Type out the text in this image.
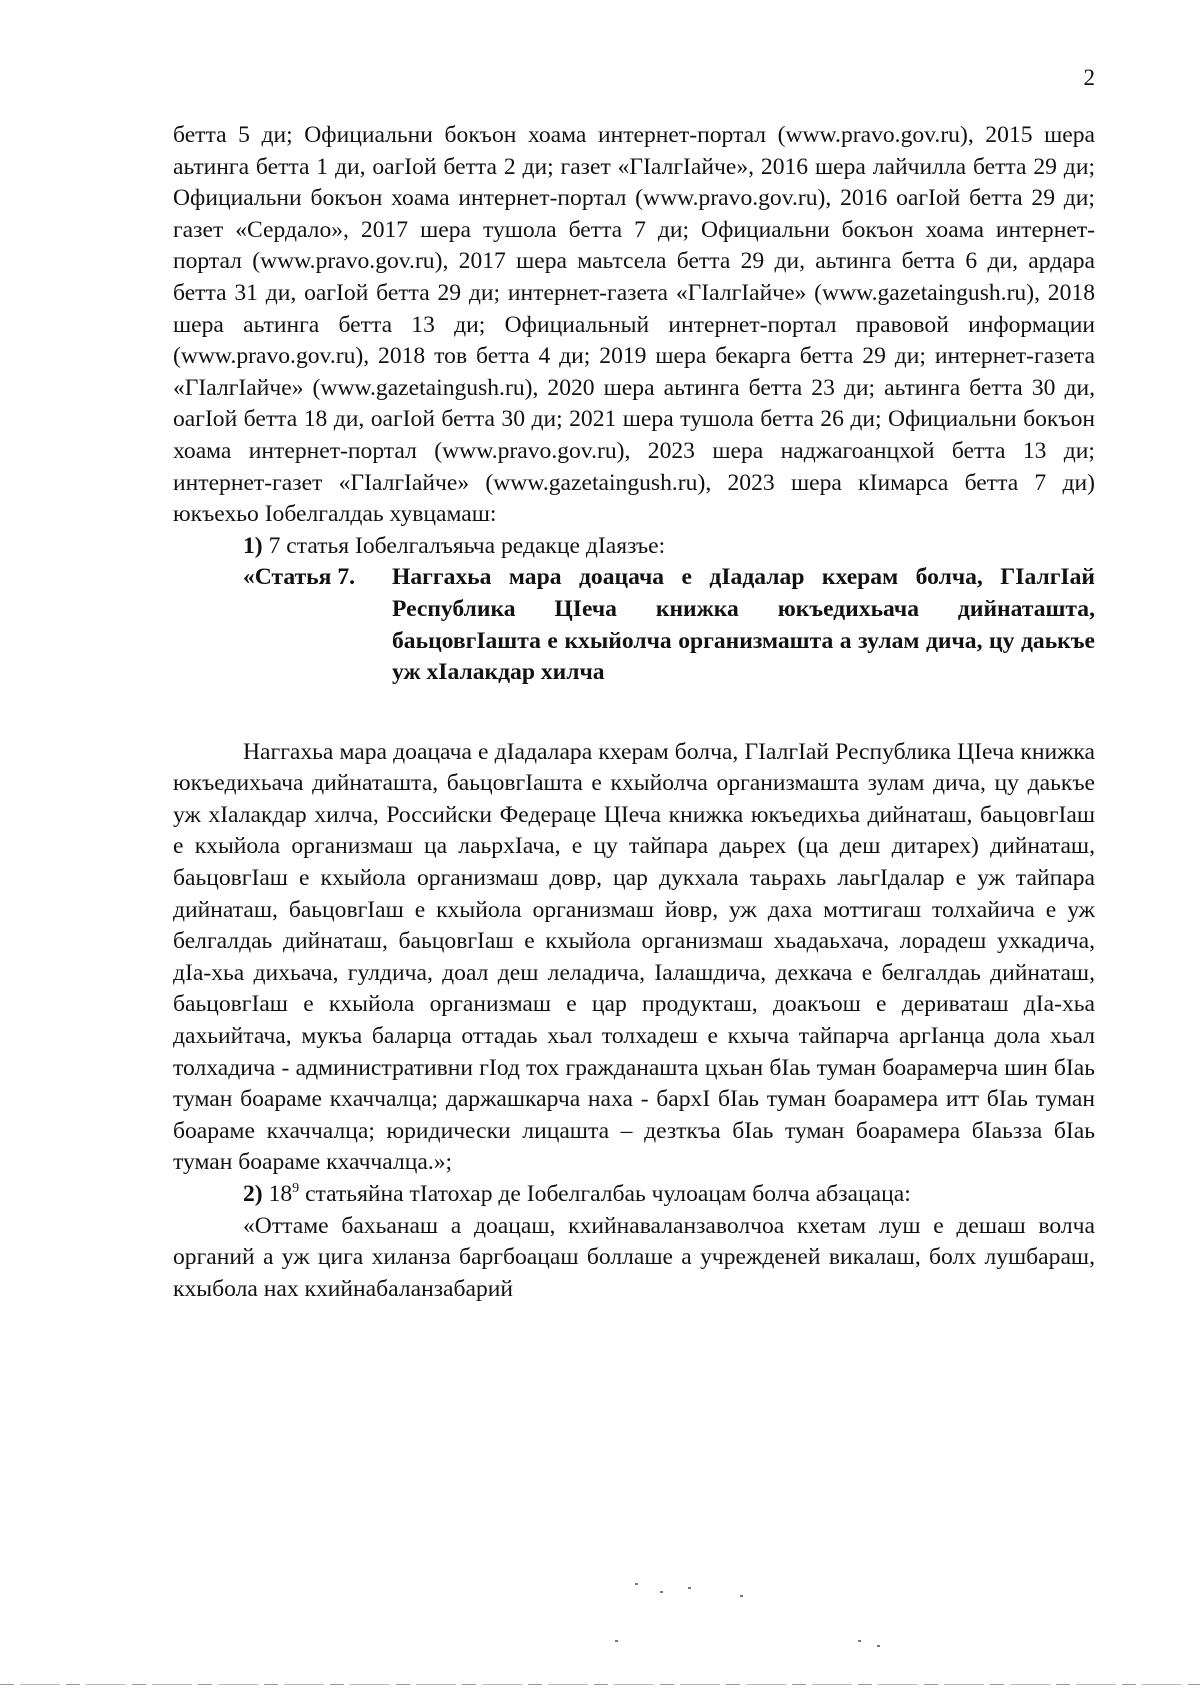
2

бетта 5 ди; Официальни бокъон хоама интернет-портал (www.pravo.gov.ru), 2015 шера аьтинга бетта 1 ди, оагIой бетта 2 ди; газет «ГIалгIайче», 2016 шера лайчилла бетта 29 ди; Официальни бокъон хоама интернет-портал (www.pravo.gov.ru), 2016 оагIой бетта 29 ди; газет «Сердало», 2017 шера тушола бетта 7 ди; Официальни бокъон хоама интернет-портал (www.pravo.gov.ru), 2017 шера маьтсела бетта 29 ди, аьтинга бетта 6 ди, ардара бетта 31 ди, оагIой бетта 29 ди; интернет-газета «ГIалгIайче» (www.gazetaingush.ru), 2018 шера аьтинга бетта 13 ди; Официальный интернет-портал правовой информации (www.pravo.gov.ru), 2018 тов бетта 4 ди; 2019 шера бекарга бетта 29 ди; интернет-газета «ГIалгIайче» (www.gazetaingush.ru), 2020 шера аьтинга бетта 23 ди; аьтинга бетта 30 ди, оагIой бетта 18 ди, оагIой бетта 30 ди; 2021 шера тушола бетта 26 ди; Официальни бокъон хоама интернет-портал (www.pravo.gov.ru), 2023 шера наджагоанцхой бетта 13 ди; интернет-газет «ГIалгIайче» (www.gazetaingush.ru), 2023 шера кIимарса бетта 7 ди) юкъехьо Iобелгалдаь хувцамаш:

1) 7 статья Iобелгалъяьча редакце дIаязъе:

«Статья 7. Наггахьа мара доацача е дIадалар кхерам болча, ГIалгIай Республика ЦIеча книжка юкъедихьача дийнаташта, баьцовгIашта е кхыйолча организмашта а зулам дича, цу даькъе уж хIалакдар хилча

Наггахьа мара доацача е дIадалара кхерам болча, ГIалгIай Республика ЦIеча книжка юкъедихьача дийнаташта, баьцовгIашта е кхыйолча организмашта зулам дича, цу даькъе уж хIалакдар хилча, Российски Федераце ЦIеча книжка юкъедихьа дийнаташ, баьцовгIаш е кхыйола организмаш ца лаьрхIача, е цу тайпара даьрех (ца деш дитарех) дийнаташ, баьцовгIаш е кхыйола организмаш довр, цар дукхала таьрахь лаьгIдалар е уж тайпара дийнаташ, баьцовгIаш е кхыйола организмаш йовр, уж даха моттигаш толхайича е уж белгалдаь дийнаташ, баьцовгIаш е кхыйола организмаш хьадаьхача, лорадеш ухкадича, дIа-хьа дихьача, гулдича, доал деш леладича, Iалашдича, дехкача е белгалдаь дийнаташ, баьцовгIаш е кхыйола организмаш е цар продукташ, доакъош е дериваташ дIа-хьа дахьийтача, мукъа баларца оттадаь хьал толхадеш е кхыча тайпарча аргIанца дола хьал толхадича - административни гIод тох гражданашта цхьан бIаь туман боарамерча шин бIаь туман боараме кхаччалца; даржашкарча наха - бархI бIаь туман боарамера итт бIаь туман боараме кхаччалца; юридически лицашта – дезткъа бIаь туман боарамера бIаьзза бIаь туман боараме кхаччалца.»;

2) $18^9$ статьяйна тIатохар де Iобелгалбаь чулоацам болча абзацаца:

«Оттаме бахьанаш а доацаш, кхийнаваланзаволчоа кхетам луш е дешаш волча органий а уж цига хиланза баргбоацаш боллаше а учрежденей викалаш, болх лушбараш, кхыбола нах кхийнабаланзабарий
